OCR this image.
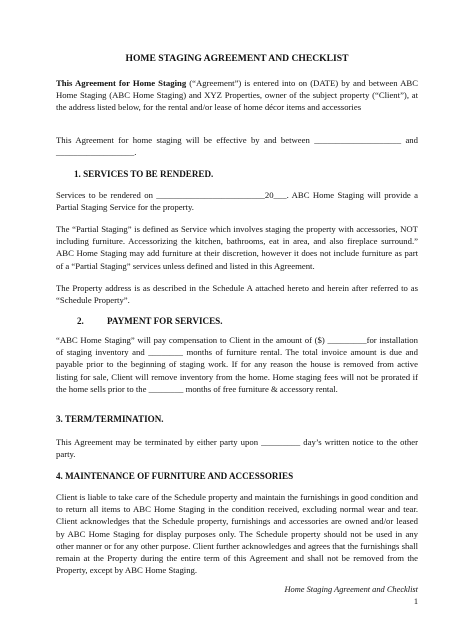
HOME STAGING AGREEMENT AND CHECKLIST

This Agreement for Home Staging (“Agreement”) is entered into on (DATE) by and between ABC Home Staging (ABC Home Staging) and XYZ Properties, owner of the subject property (“Client”), at the address listed below, for the rental and/or lease of home décor items and accessories

This Agreement for home staging will be effective by and between ____________________ and __________________.

1. SERVICES TO BE RENDERED.

Services to be rendered on _________________________20___. ABC Home Staging will provide a Partial Staging Service for the property.

The “Partial Staging” is defined as Service which involves staging the property with accessories, NOT including furniture. Accessorizing the kitchen, bathrooms, eat in area, and also fireplace surround.” ABC Home Staging may add furniture at their discretion, however it does not include furniture as part of a “Partial Staging” services unless defined and listed in this Agreement.

The Property address is as described in the Schedule A attached hereto and herein after referred to as “Schedule Property”.

2.	PAYMENT FOR SERVICES.

“ABC Home Staging” will pay compensation to Client in the amount of ($) _________for installation of staging inventory and ________ months of furniture rental. The total invoice amount is due and payable prior to the beginning of staging work. If for any reason the house is removed from active listing for sale, Client will remove inventory from the home. Home staging fees will not be prorated if the home sells prior to the ________ months of free furniture & accessory rental.

3. TERM/TERMINATION.

This Agreement may be terminated by either party upon _________ day’s written notice to the other party.

4. MAINTENANCE OF FURNITURE AND ACCESSORIES

Client is liable to take care of the Schedule property and maintain the furnishings in good condition and to return all items to ABC Home Staging in the condition received, excluding normal wear and tear. Client acknowledges that the Schedule property, furnishings and accessories are owned and/or leased by ABC Home Staging for display purposes only. The Schedule property should not be used in any other manner or for any other purpose. Client further acknowledges and agrees that the furnishings shall remain at the Property during the entire term of this Agreement and shall not be removed from the Property, except by ABC Home Staging.

Home Staging Agreement and Checklist
1
